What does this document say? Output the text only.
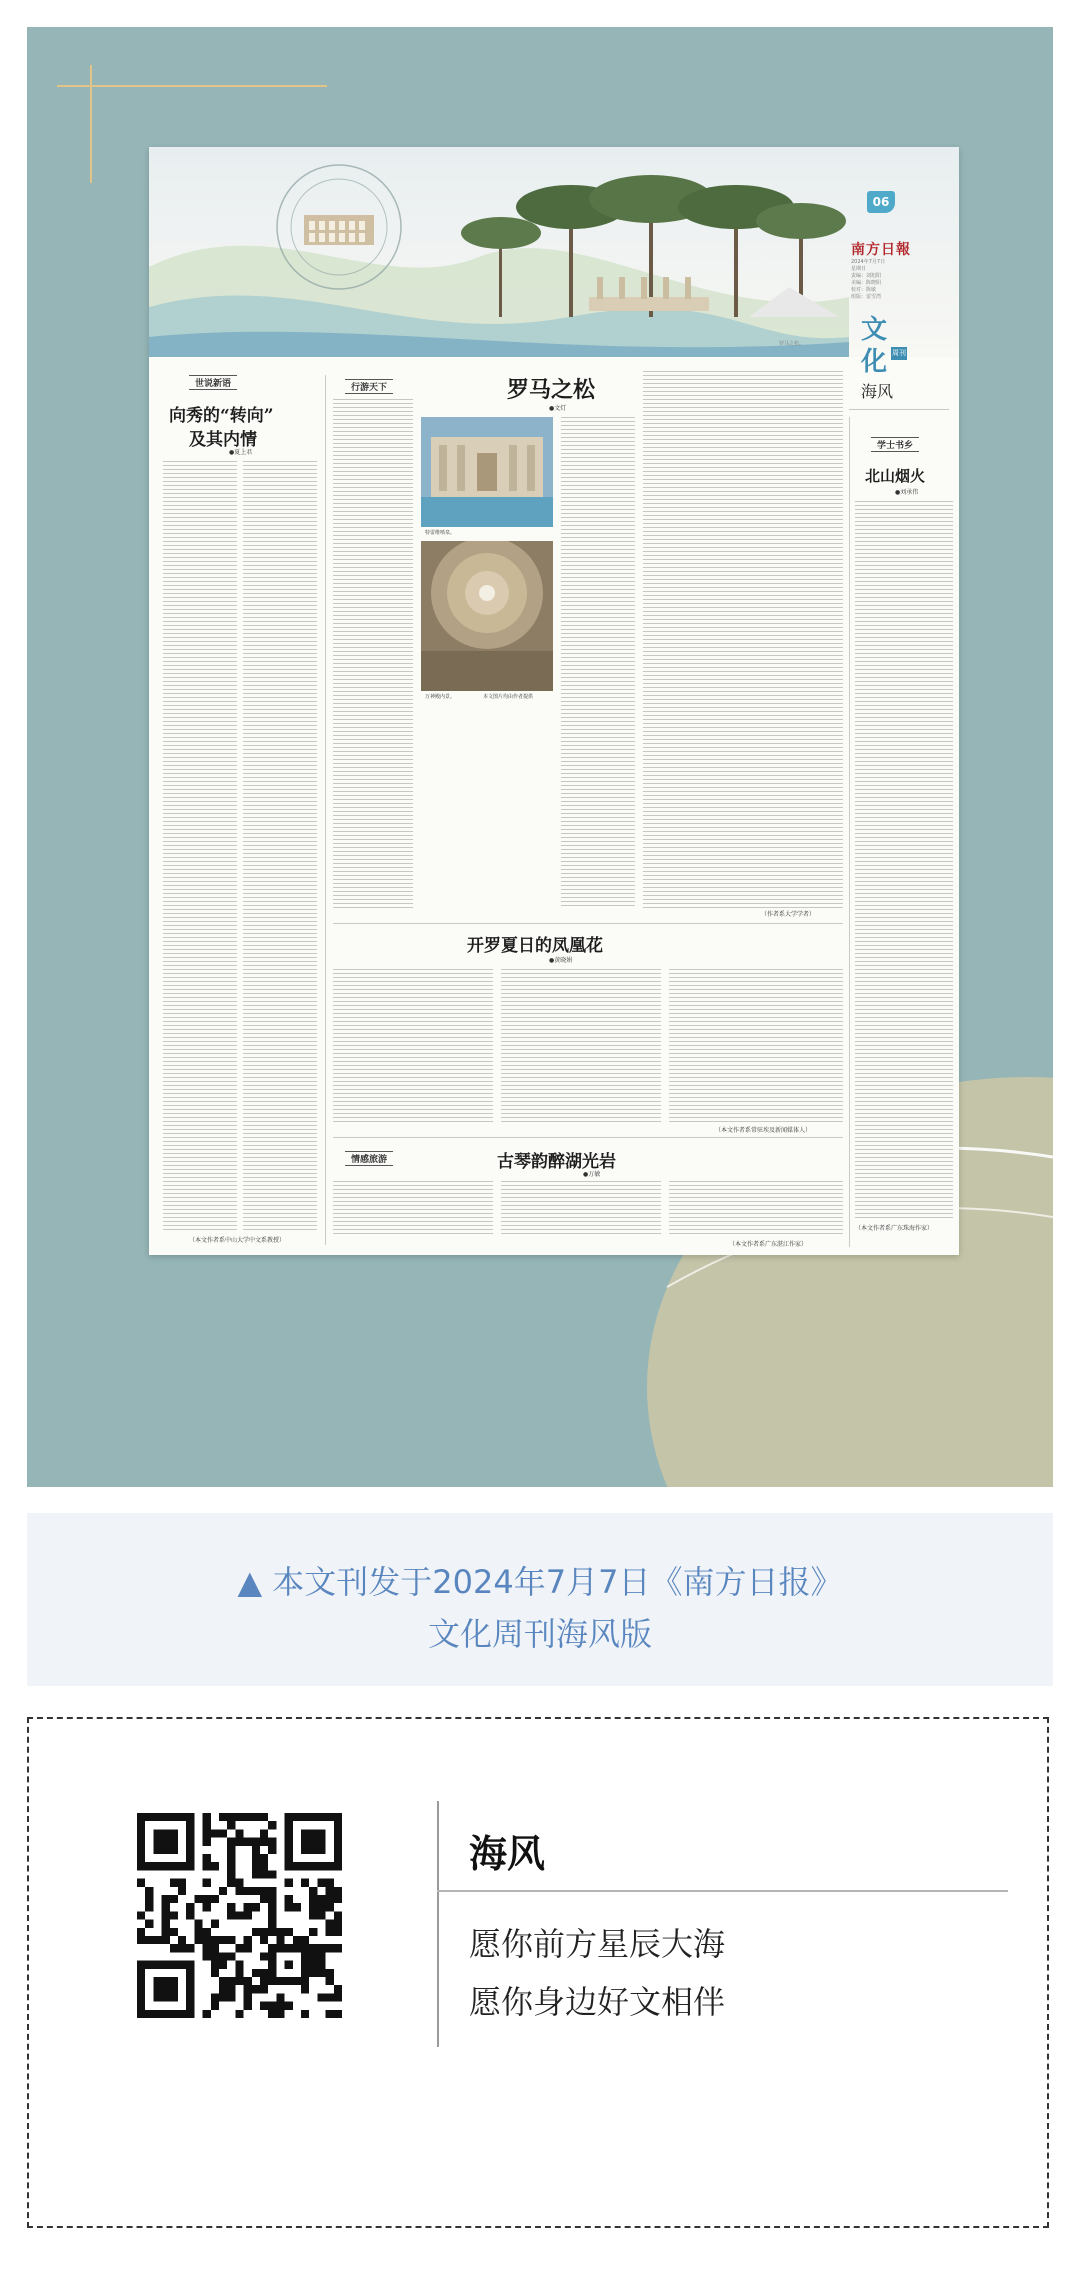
罗马之松。
06
南方日報
2024年7月7日
星期日
责编：刘旭阳
美编：陈晓阳
校对：陈敏
组版：雷雪湾
文
化 周刊
海风
世说新语
向秀的“转向”
及其内情
●夏上君
（本文作者系中山大学中文系教授）
行游天下	罗马之松
●文灯
特雷维喷泉。
万神殿内景。	本文图片均由作者提供
（作者系大学学者）
开罗夏日的凤凰花
●黄晓娟
（本文作者系常驻埃及新闻媒体人）
情感旅游	古琴韵醉湖光岩
●万敏
（本文作者系广东湛江作家）
学士书乡
北山烟火
●刘承伟
（本文作者系广东珠海作家）
▲ 本文刊发于2024年7月7日《南方日报》
文化周刊海风版
海风
愿你前方星辰大海
愿你身边好文相伴
